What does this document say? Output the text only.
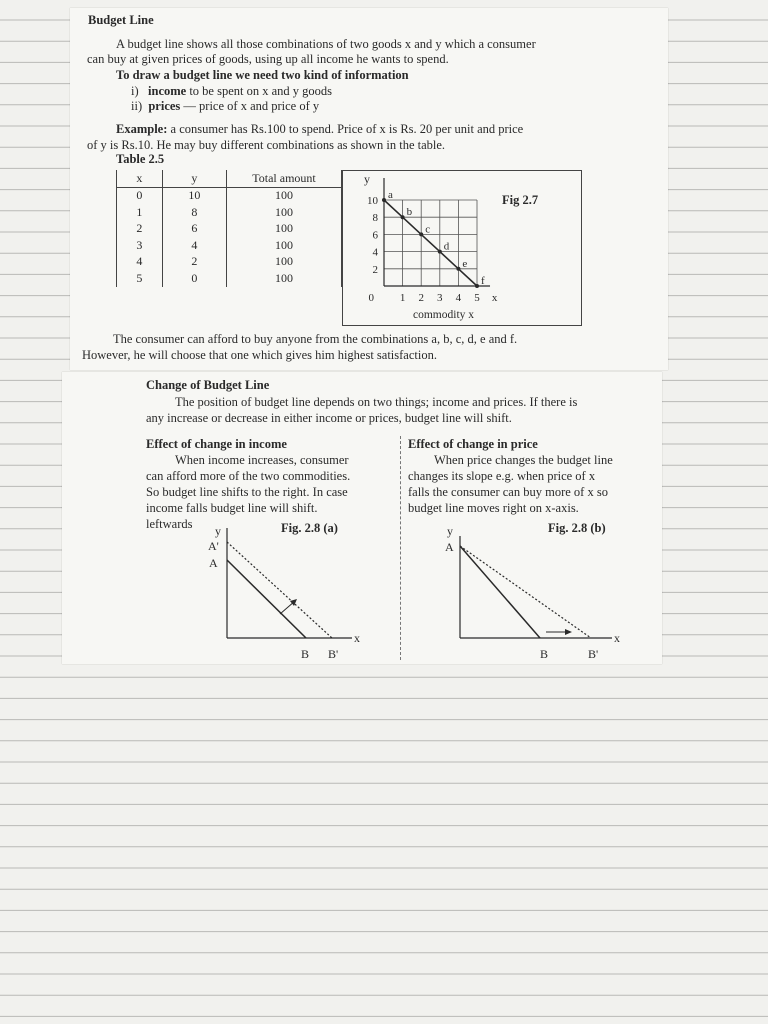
Budget Line
A budget line shows all those combinations of two goods x and y which a consumer
can buy at given prices of goods, using up all income he wants to spend.
To draw a budget line we need two kind of information
i) income to be spent on x and y goods
ii) prices — price of x and price of y
Example: a consumer has Rs.100 to spend. Price of x is Rs. 20 per unit and price
of y is Rs.10. He may buy different combinations as shown in the table.
Table 2.5
x	y	Total amount
0	10	100
1	8	100
2	6	100
3	4	100
4	2	100
5	0	100
a
b
c
d
e
f
10
8
6
4
2
1 2 3 4 5
0
y
x
commodity x
Fig 2.7
The consumer can afford to buy anyone from the combinations a, b, c, d, e and f.
However, he will choose that one which gives him highest satisfaction.
Change of Budget Line
The position of budget line depends on two things; income and prices. If there is
any increase or decrease in either income or prices, budget line will shift.
Effect of change in income
When income increases, consumer
can afford more of the two commodities.
So budget line shifts to the right. In case
income falls budget line will shift.
leftwards
Effect of change in price
When price changes the budget line
changes its slope e.g. when price of x
falls the consumer can buy more of x so
budget line moves right on x-axis.
Fig. 2.8 (a)
y
x
A'
A
B B'
Fig. 2.8 (b)
y
x
A
B	B'
